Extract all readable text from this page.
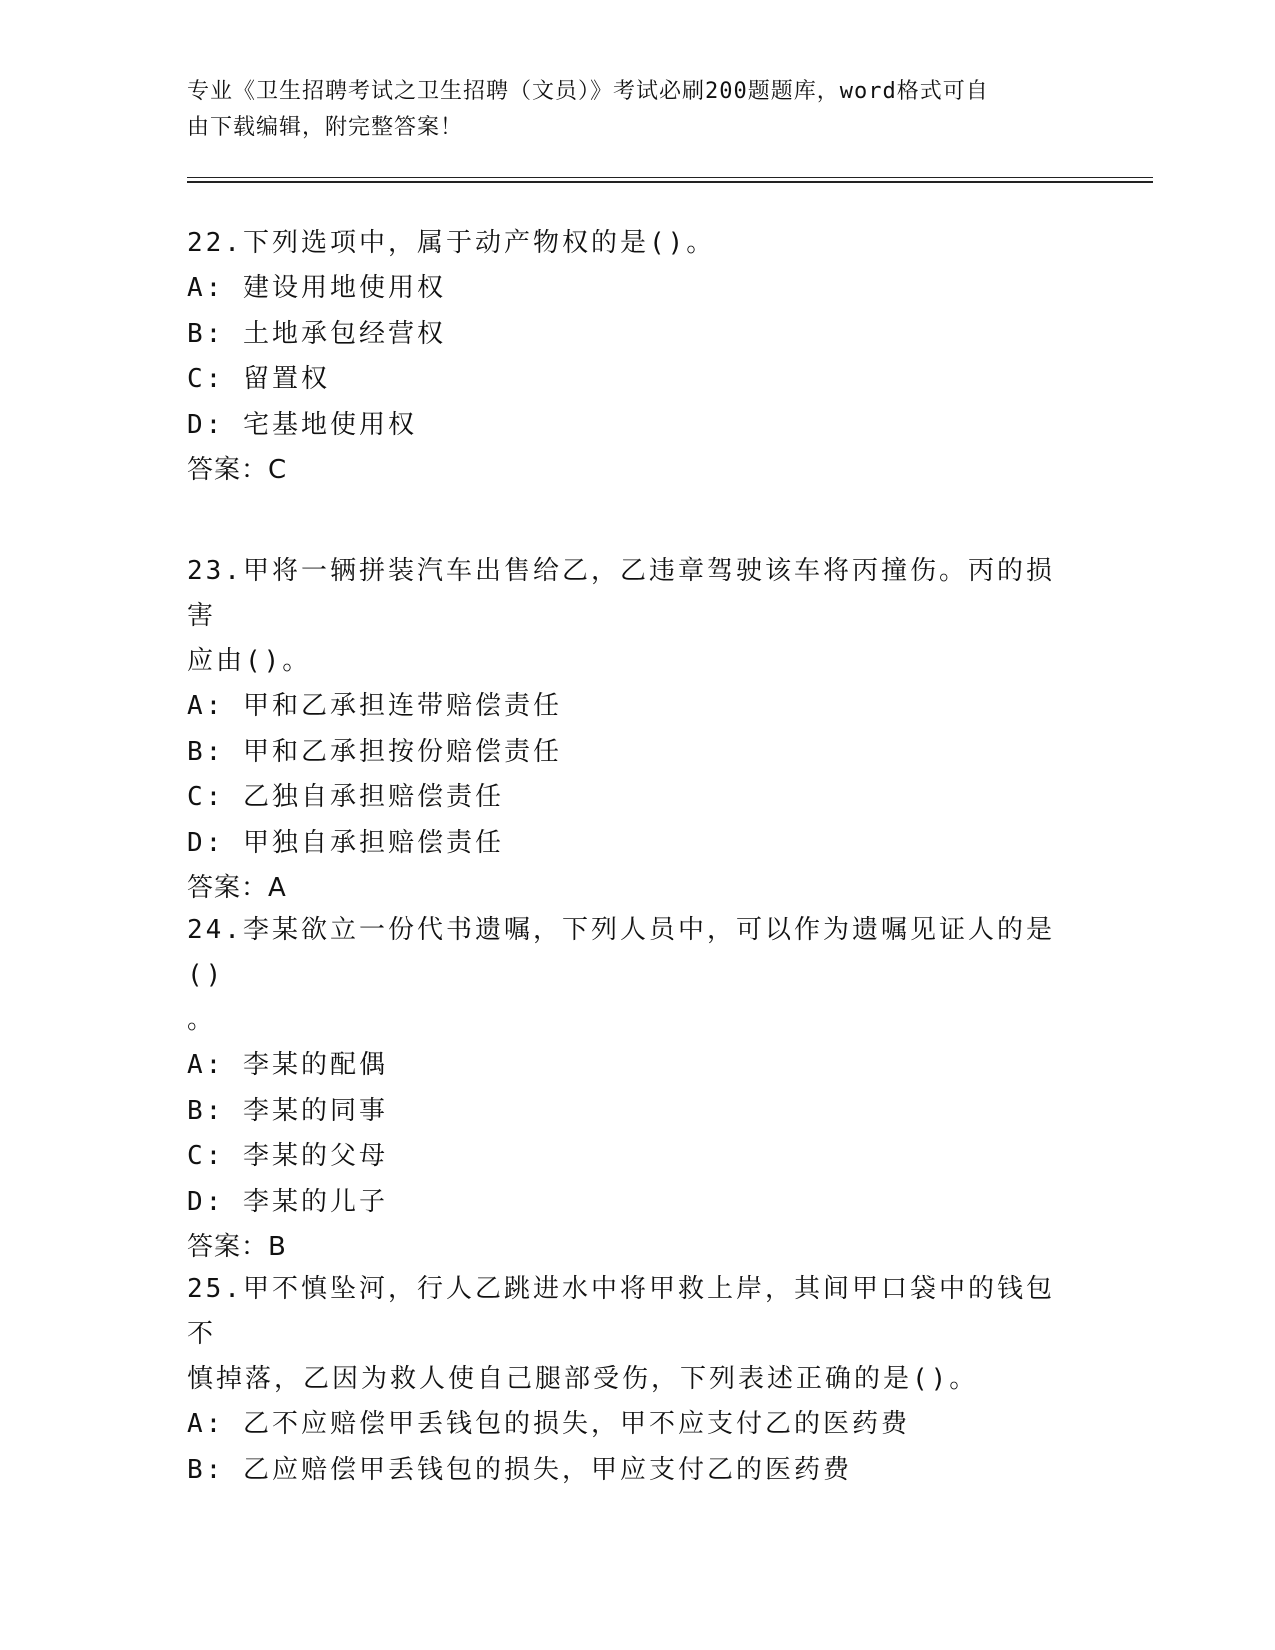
专业《卫生招聘考试之卫生招聘（文员）》考试必刷200题题库，word格式可自
由下载编辑，附完整答案！
22.下列选项中，属于动产物权的是()。
A: 建设用地使用权
B: 土地承包经营权
C: 留置权
D: 宅基地使用权
答案：C
23.甲将一辆拼装汽车出售给乙，乙违章驾驶该车将丙撞伤。丙的损害
应由()。
A: 甲和乙承担连带赔偿责任
B: 甲和乙承担按份赔偿责任
C: 乙独自承担赔偿责任
D: 甲独自承担赔偿责任
答案：A
24.李某欲立一份代书遗嘱，下列人员中，可以作为遗嘱见证人的是()
。
A: 李某的配偶
B: 李某的同事
C: 李某的父母
D: 李某的儿子
答案：B
25.甲不慎坠河，行人乙跳进水中将甲救上岸，其间甲口袋中的钱包不
慎掉落，乙因为救人使自己腿部受伤，下列表述正确的是()。
A: 乙不应赔偿甲丢钱包的损失，甲不应支付乙的医药费
B: 乙应赔偿甲丢钱包的损失，甲应支付乙的医药费
